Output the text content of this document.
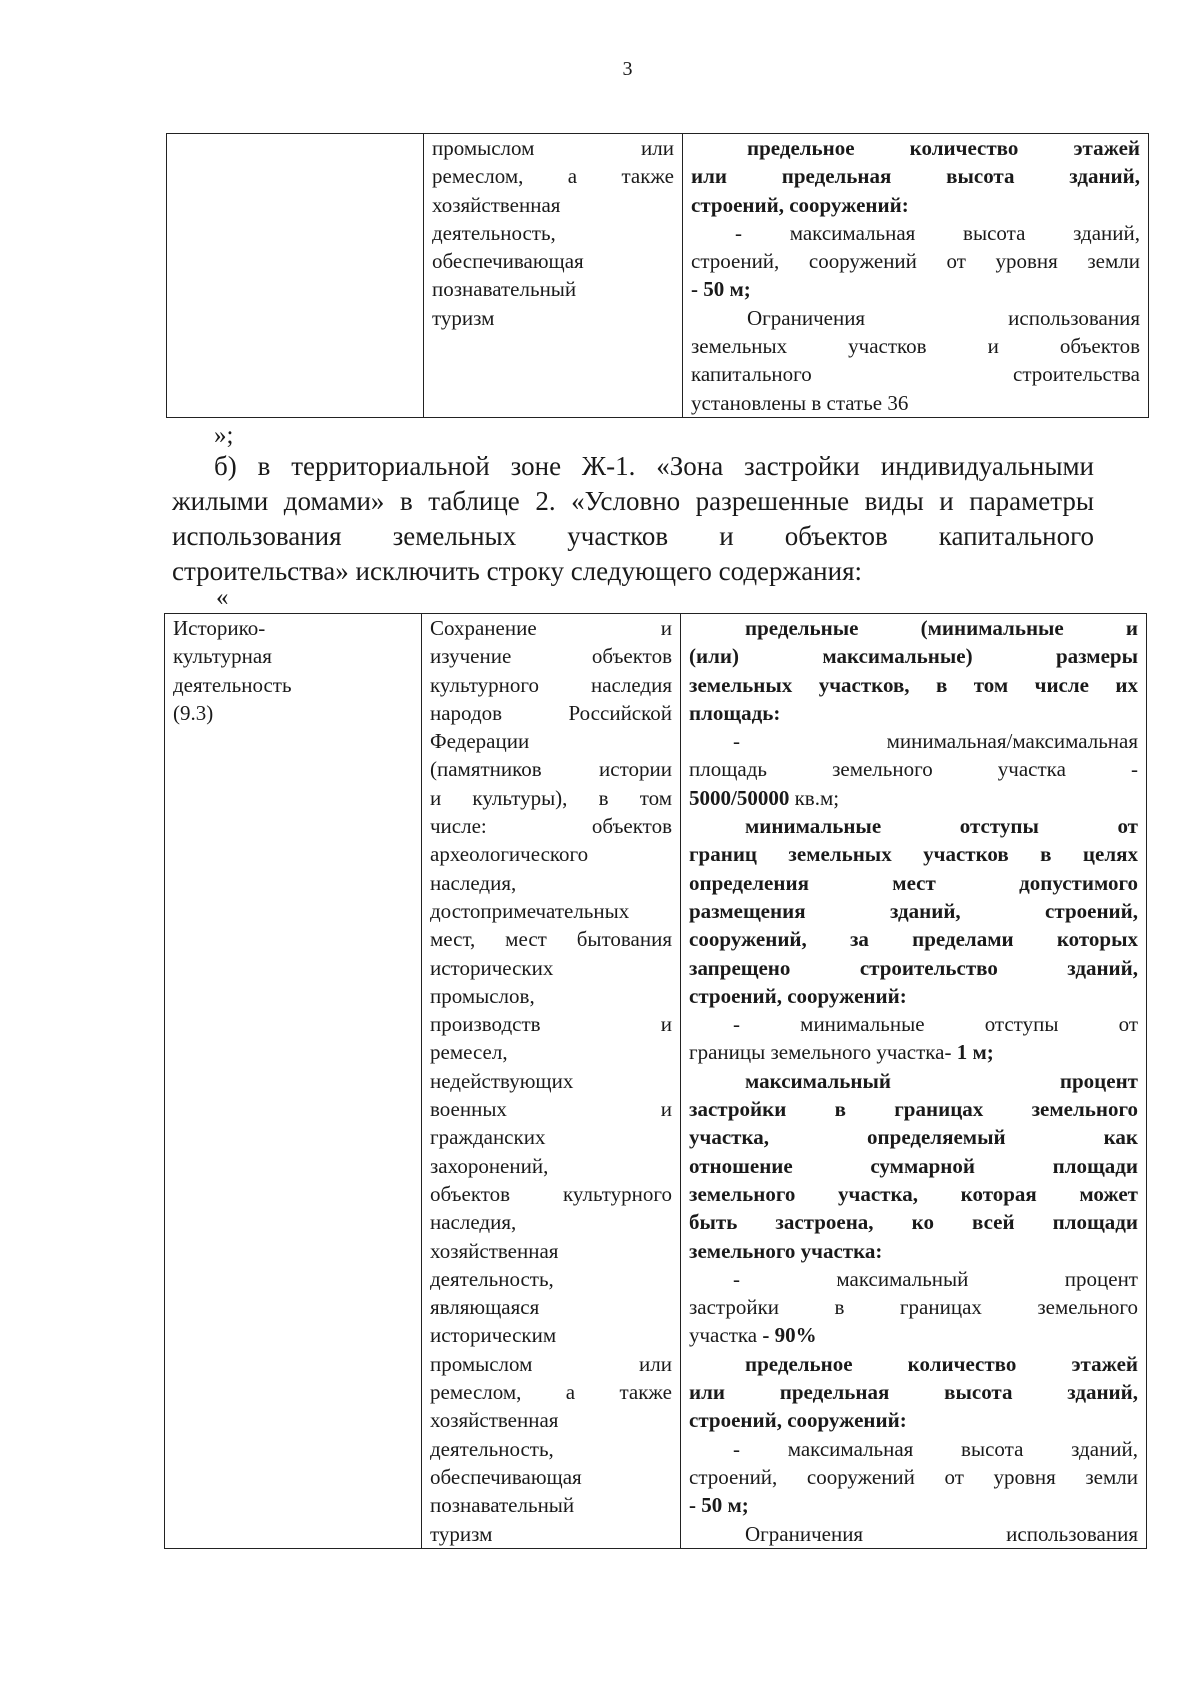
3

промыслом или
ремеслом, а также
хозяйственная
деятельность,
обеспечивающая
познавательный
туризм

предельное количество этажей
или предельная высота зданий,
строений, сооружений:
- максимальная высота зданий,
строений, сооружений от уровня земли
- 50 м;
Ограничения использования
земельных участков и объектов
капитального строительства
установлены в статье 36
»;
б) в территориальной зоне Ж-1. «Зона застройки индивидуальными
жилыми домами» в таблице 2. «Условно разрешенные виды и параметры
использования земельных участков и объектов капитального
строительства» исключить строку следующего содержания:
«
Историко-
культурная
деятельность
(9.3)

Сохранение и
изучение объектов
культурного наследия
народов Российской
Федерации
(памятников истории
и культуры), в том
числе: объектов
археологического
наследия,
достопримечательных
мест, мест бытования
исторических
промыслов,
производств и
ремесел,
недействующих
военных и
гражданских
захоронений,
объектов культурного
наследия,
хозяйственная
деятельность,
являющаяся
историческим
промыслом или
ремеслом, а также
хозяйственная
деятельность,
обеспечивающая
познавательный
туризм

предельные (минимальные и
(или) максимальные) размеры
земельных участков, в том числе их
площадь:
- минимальная/максимальная
площадь земельного участка -
5000/50000 кв.м;
минимальные отступы от
границ земельных участков в целях
определения мест допустимого
размещения зданий, строений,
сооружений, за пределами которых
запрещено строительство зданий,
строений, сооружений:
- минимальные отступы от
границы земельного участка- 1 м;
максимальный процент
застройки в границах земельного
участка, определяемый как
отношение суммарной площади
земельного участка, которая может
быть застроена, ко всей площади
земельного участка:
- максимальный процент
застройки в границах земельного
участка - 90%
предельное количество этажей
или предельная высота зданий,
строений, сооружений:
- максимальная высота зданий,
строений, сооружений от уровня земли
- 50 м;
Ограничения использования
